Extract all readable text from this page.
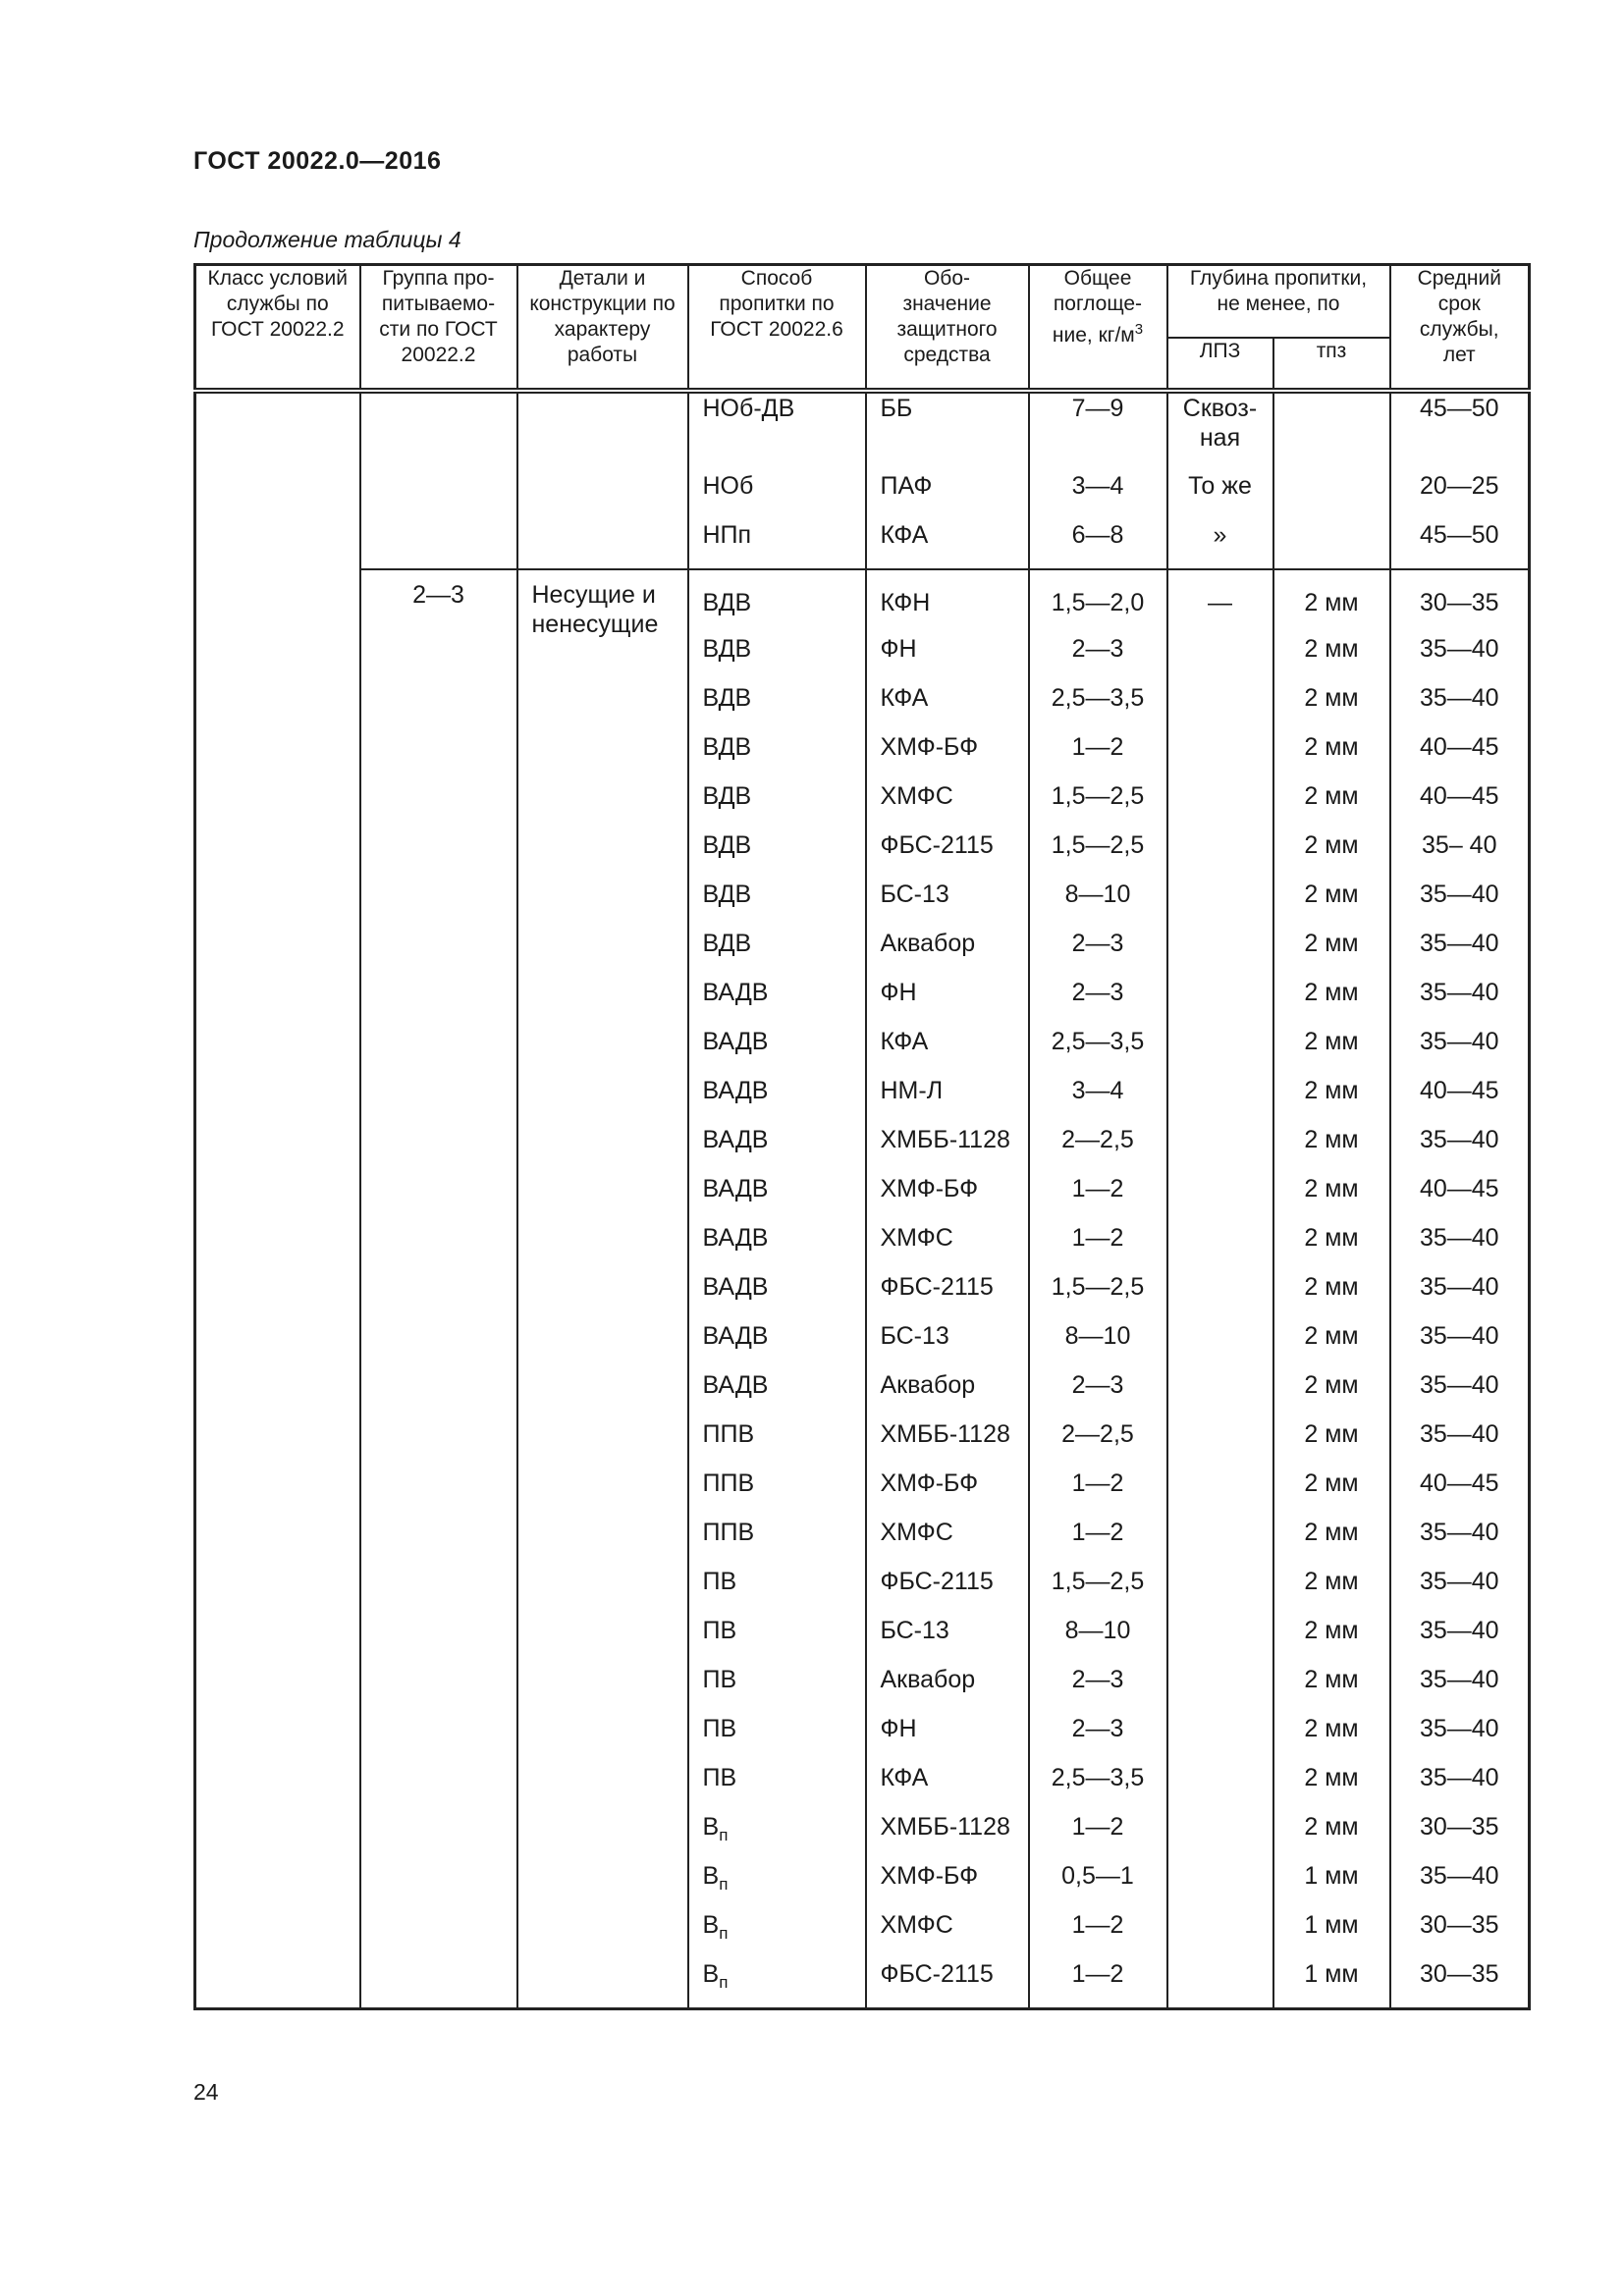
ГОСТ 20022.0—2016
Продолжение таблицы 4
Класс условий службы по ГОСТ 20022.2	Группа про-питываемо-сти по ГОСТ 20022.2	Детали и конструкции по характеру работы	Способ пропитки по ГОСТ 20022.6	Обо-значение защитного средства	Общее поглоще-ние, $кг/м^3$	Глубина пропитки, не менее, по		Средний срок службы, лет
						ЛПЗ	тпз	
			НОб-ДВ	ББ	7—9	Сквоз-ная		45—50
			НОб	ПАФ	3—4	То же		20—25
			НПп	КФА	6—8	»		45—50
	2—3	Несущие и ненесущие	ВДВ	КФН	1,5—2,0	—	2 мм	30—35
			ВДВ	ФН	2—3		2 мм	35—40
			ВДВ	КФА	2,5—3,5		2 мм	35—40
			ВДВ	ХМФ-БФ	1—2		2 мм	40—45
			ВДВ	ХМФС	1,5—2,5		2 мм	40—45
			ВДВ	ФБС-2115	1,5—2,5		2 мм	35– 40
			ВДВ	БС-13	8—10		2 мм	35—40
			ВДВ	Аквабор	2—3		2 мм	35—40
			ВАДВ	ФН	2—3		2 мм	35—40
			ВАДВ	КФА	2,5—3,5		2 мм	35—40
			ВАДВ	НМ-Л	3—4		2 мм	40—45
			ВАДВ	ХМББ-1128	2—2,5		2 мм	35—40
			ВАДВ	ХМФ-БФ	1—2		2 мм	40—45
			ВАДВ	ХМФС	1—2		2 мм	35—40
			ВАДВ	ФБС-2115	1,5—2,5		2 мм	35—40
			ВАДВ	БС-13	8—10		2 мм	35—40
			ВАДВ	Аквабор	2—3		2 мм	35—40
			ППВ	ХМББ-1128	2—2,5		2 мм	35—40
			ППВ	ХМФ-БФ	1—2		2 мм	40—45
			ППВ	ХМФС	1—2		2 мм	35—40
			ПВ	ФБС-2115	1,5—2,5		2 мм	35—40
			ПВ	БС-13	8—10		2 мм	35—40
			ПВ	Аквабор	2—3		2 мм	35—40
			ПВ	ФН	2—3		2 мм	35—40
			ПВ	КФА	2,5—3,5		2 мм	35—40
			$В_п$	ХМББ-1128	1—2		2 мм	30—35
			$В_п$	ХМФ-БФ	0,5—1		1 мм	35—40
			$В_п$	ХМФС	1—2		1 мм	30—35
			$В_п$	ФБС-2115	1—2		1 мм	30—35
24
